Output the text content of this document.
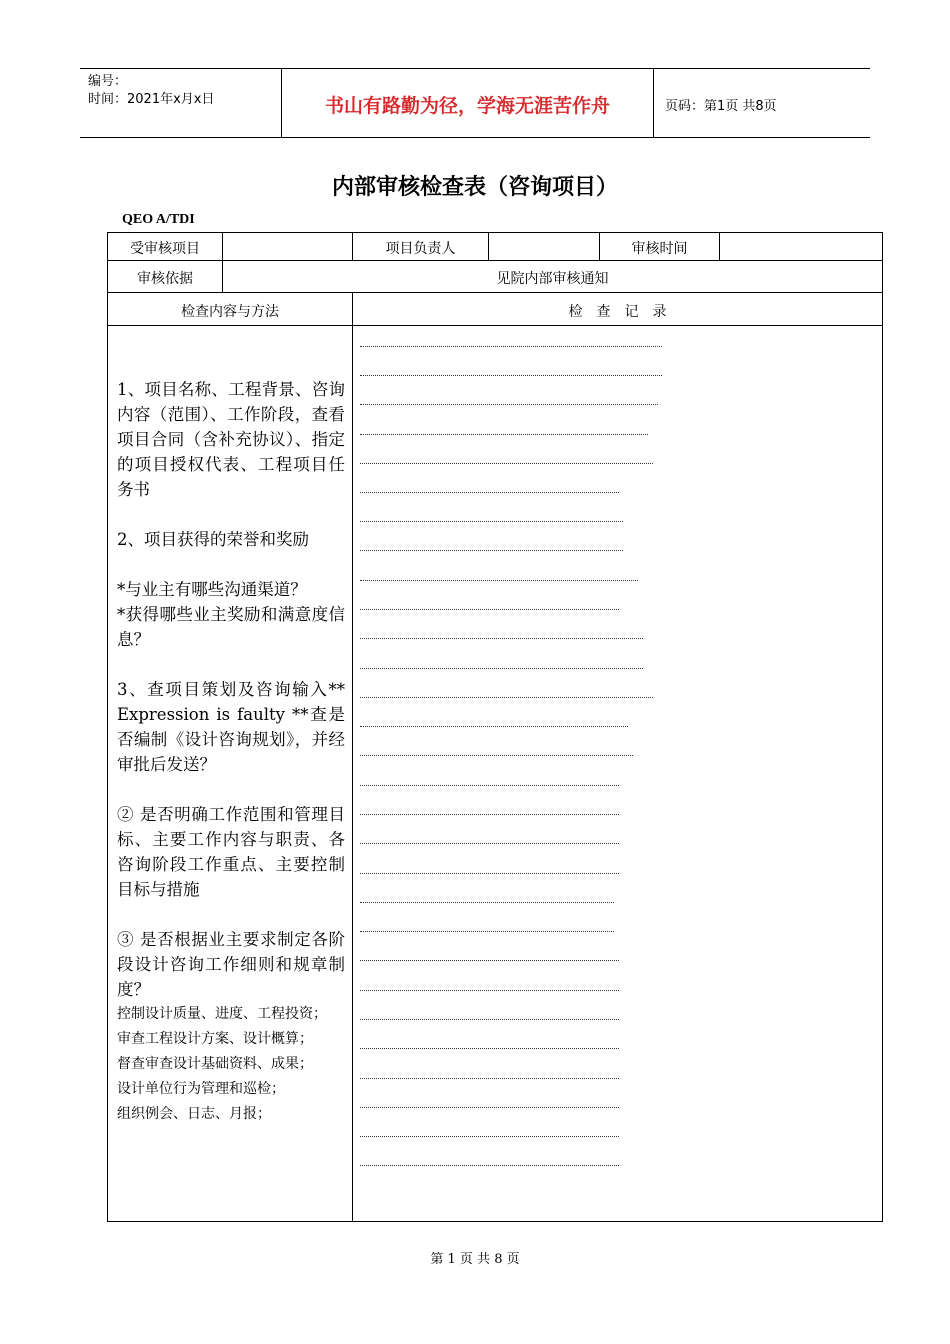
编号：
时间：2021年x月x日	书山有路勤为径，学海无涯苦作舟	页码：第1页 共8页
内部审核检查表（咨询项目）
QEO A/TDI
受审核项目	项目负责人	审核时间
审核依据	见院内部审核通知
检查内容与方法	检　查　记　录

1、项目名称、工程背景、咨询内容（范围）、工作阶段，查看项目合同（含补充协议）、指定的项目授权代表、工程项目任务书

2、项目获得的荣誉和奖励

*与业主有哪些沟通渠道？

*获得哪些业主奖励和满意度信息？

3、查项目策划及咨询输入** Expression is faulty **查是否编制《设计咨询规划》，并经审批后发送？

② 是否明确工作范围和管理目标、主要工作内容与职责、各咨询阶段工作重点、主要控制目标与措施

③ 是否根据业主要求制定各阶段设计咨询工作细则和规章制度？

控制设计质量、进度、工程投资；

审查工程设计方案、设计概算；

督查审查设计基础资料、成果；

设计单位行为管理和巡检；

组织例会、日志、月报；

第 1 页 共 8 页
